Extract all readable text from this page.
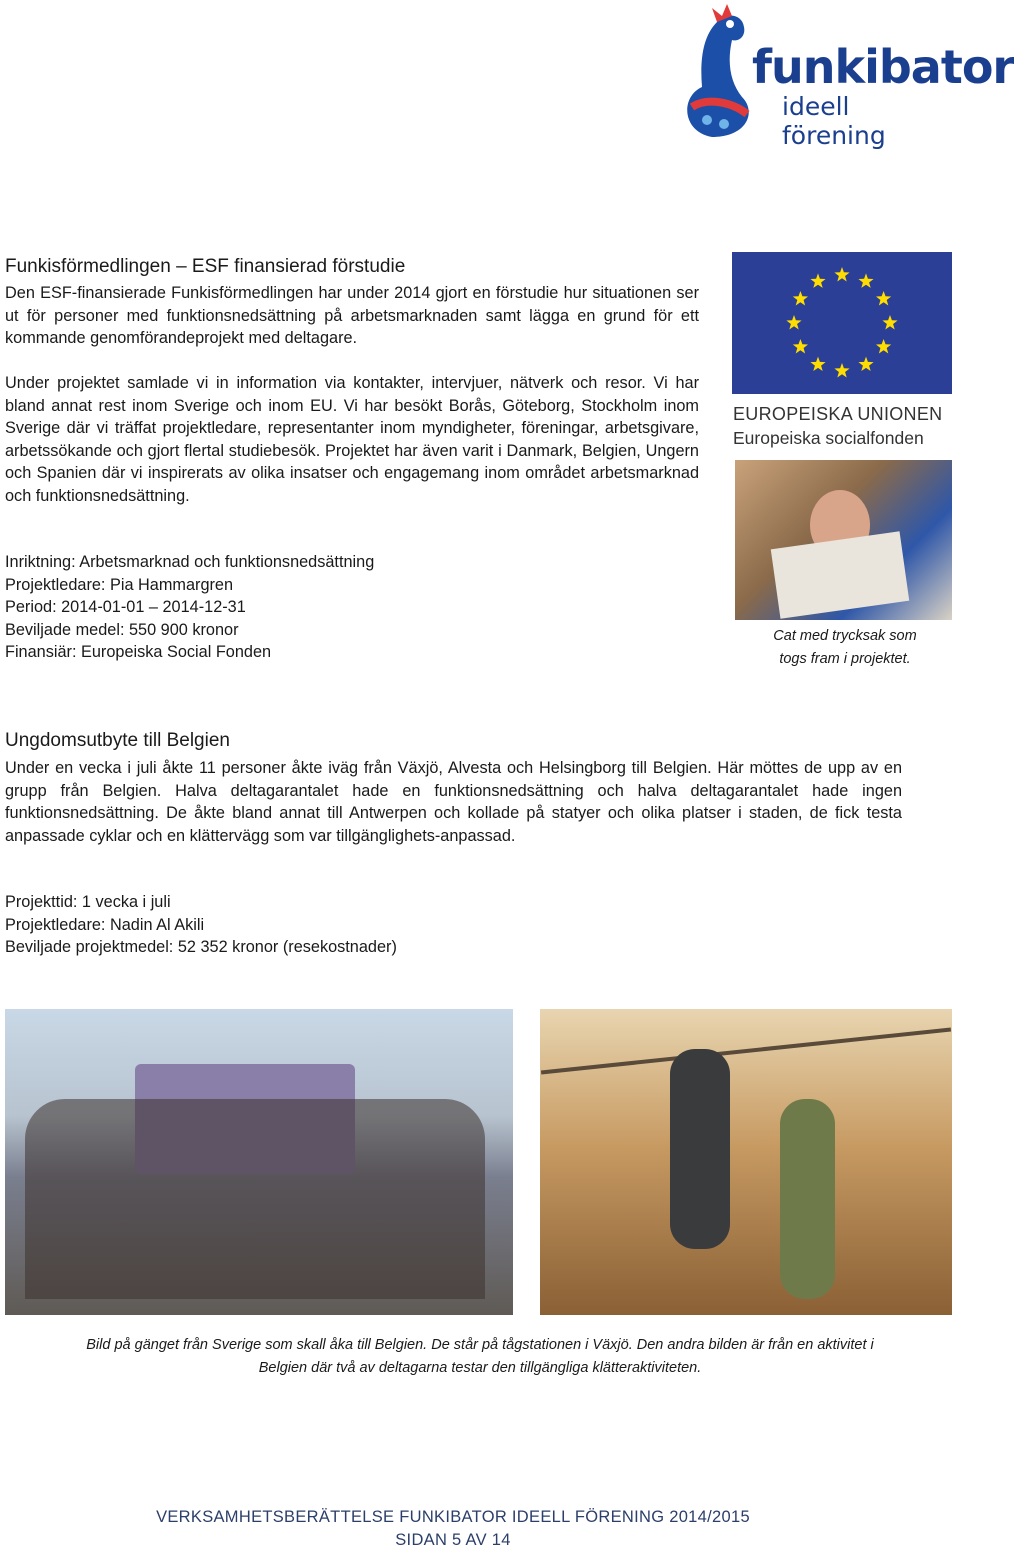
funkibator
ideell förening
Funkisförmedlingen – ESF finansierad förstudie

Den ESF-finansierade Funkisförmedlingen har under 2014 gjort en förstudie hur situationen ser ut för personer med funktionsnedsättning på arbetsmarknaden samt lägga en grund för ett kommande genomförandeprojekt med deltagare.

Under projektet samlade vi in information via kontakter, intervjuer, nätverk och resor. Vi har bland annat rest inom Sverige och inom EU. Vi har besökt Borås, Göteborg, Stockholm inom Sverige där vi träffat projektledare, representanter inom myndigheter, föreningar, arbetsgivare, arbetssökande och gjort flertal studiebesök. Projektet har även varit i Danmark, Belgien, Ungern och Spanien där vi inspirerats av olika insatser och engagemang inom området arbetsmarknad och funktionsnedsättning.

Inriktning: Arbetsmarknad och funktionsnedsättning

Projektledare: Pia Hammargren

Period: 2014-01-01 – 2014-12-31

Beviljade medel: 550 900 kronor

Finansiär: Europeiska Social Fonden

EUROPEISKA UNIONEN
Europeiska socialfonden
Cat med trycksak som
togs fram i projektet.
Ungdomsutbyte till Belgien

Under en vecka i juli åkte 11 personer åkte iväg från Växjö, Alvesta och Helsingborg till Belgien. Här möttes de upp av en grupp från Belgien. Halva deltagarantalet hade en funktionsnedsättning och halva deltagarantalet hade ingen funktionsnedsättning. De åkte bland annat till Antwerpen och kollade på statyer och olika platser i staden, de fick testa anpassade cyklar och en klättervägg som var tillgänglighets-anpassad.

Projekttid: 1 vecka i juli

Projektledare: Nadin Al Akili

Beviljade projektmedel: 52 352 kronor (resekostnader)

Bild på gänget från Sverige som skall åka till Belgien. De står på tågstationen i Växjö. Den andra bilden är från en aktivitet i
Belgien där två av deltagarna testar den tillgängliga klätteraktiviteten.
VERKSAMHETSBERÄTTELSE FUNKIBATOR IDEELL FÖRENING 2014/2015
SIDAN 5 AV 14
